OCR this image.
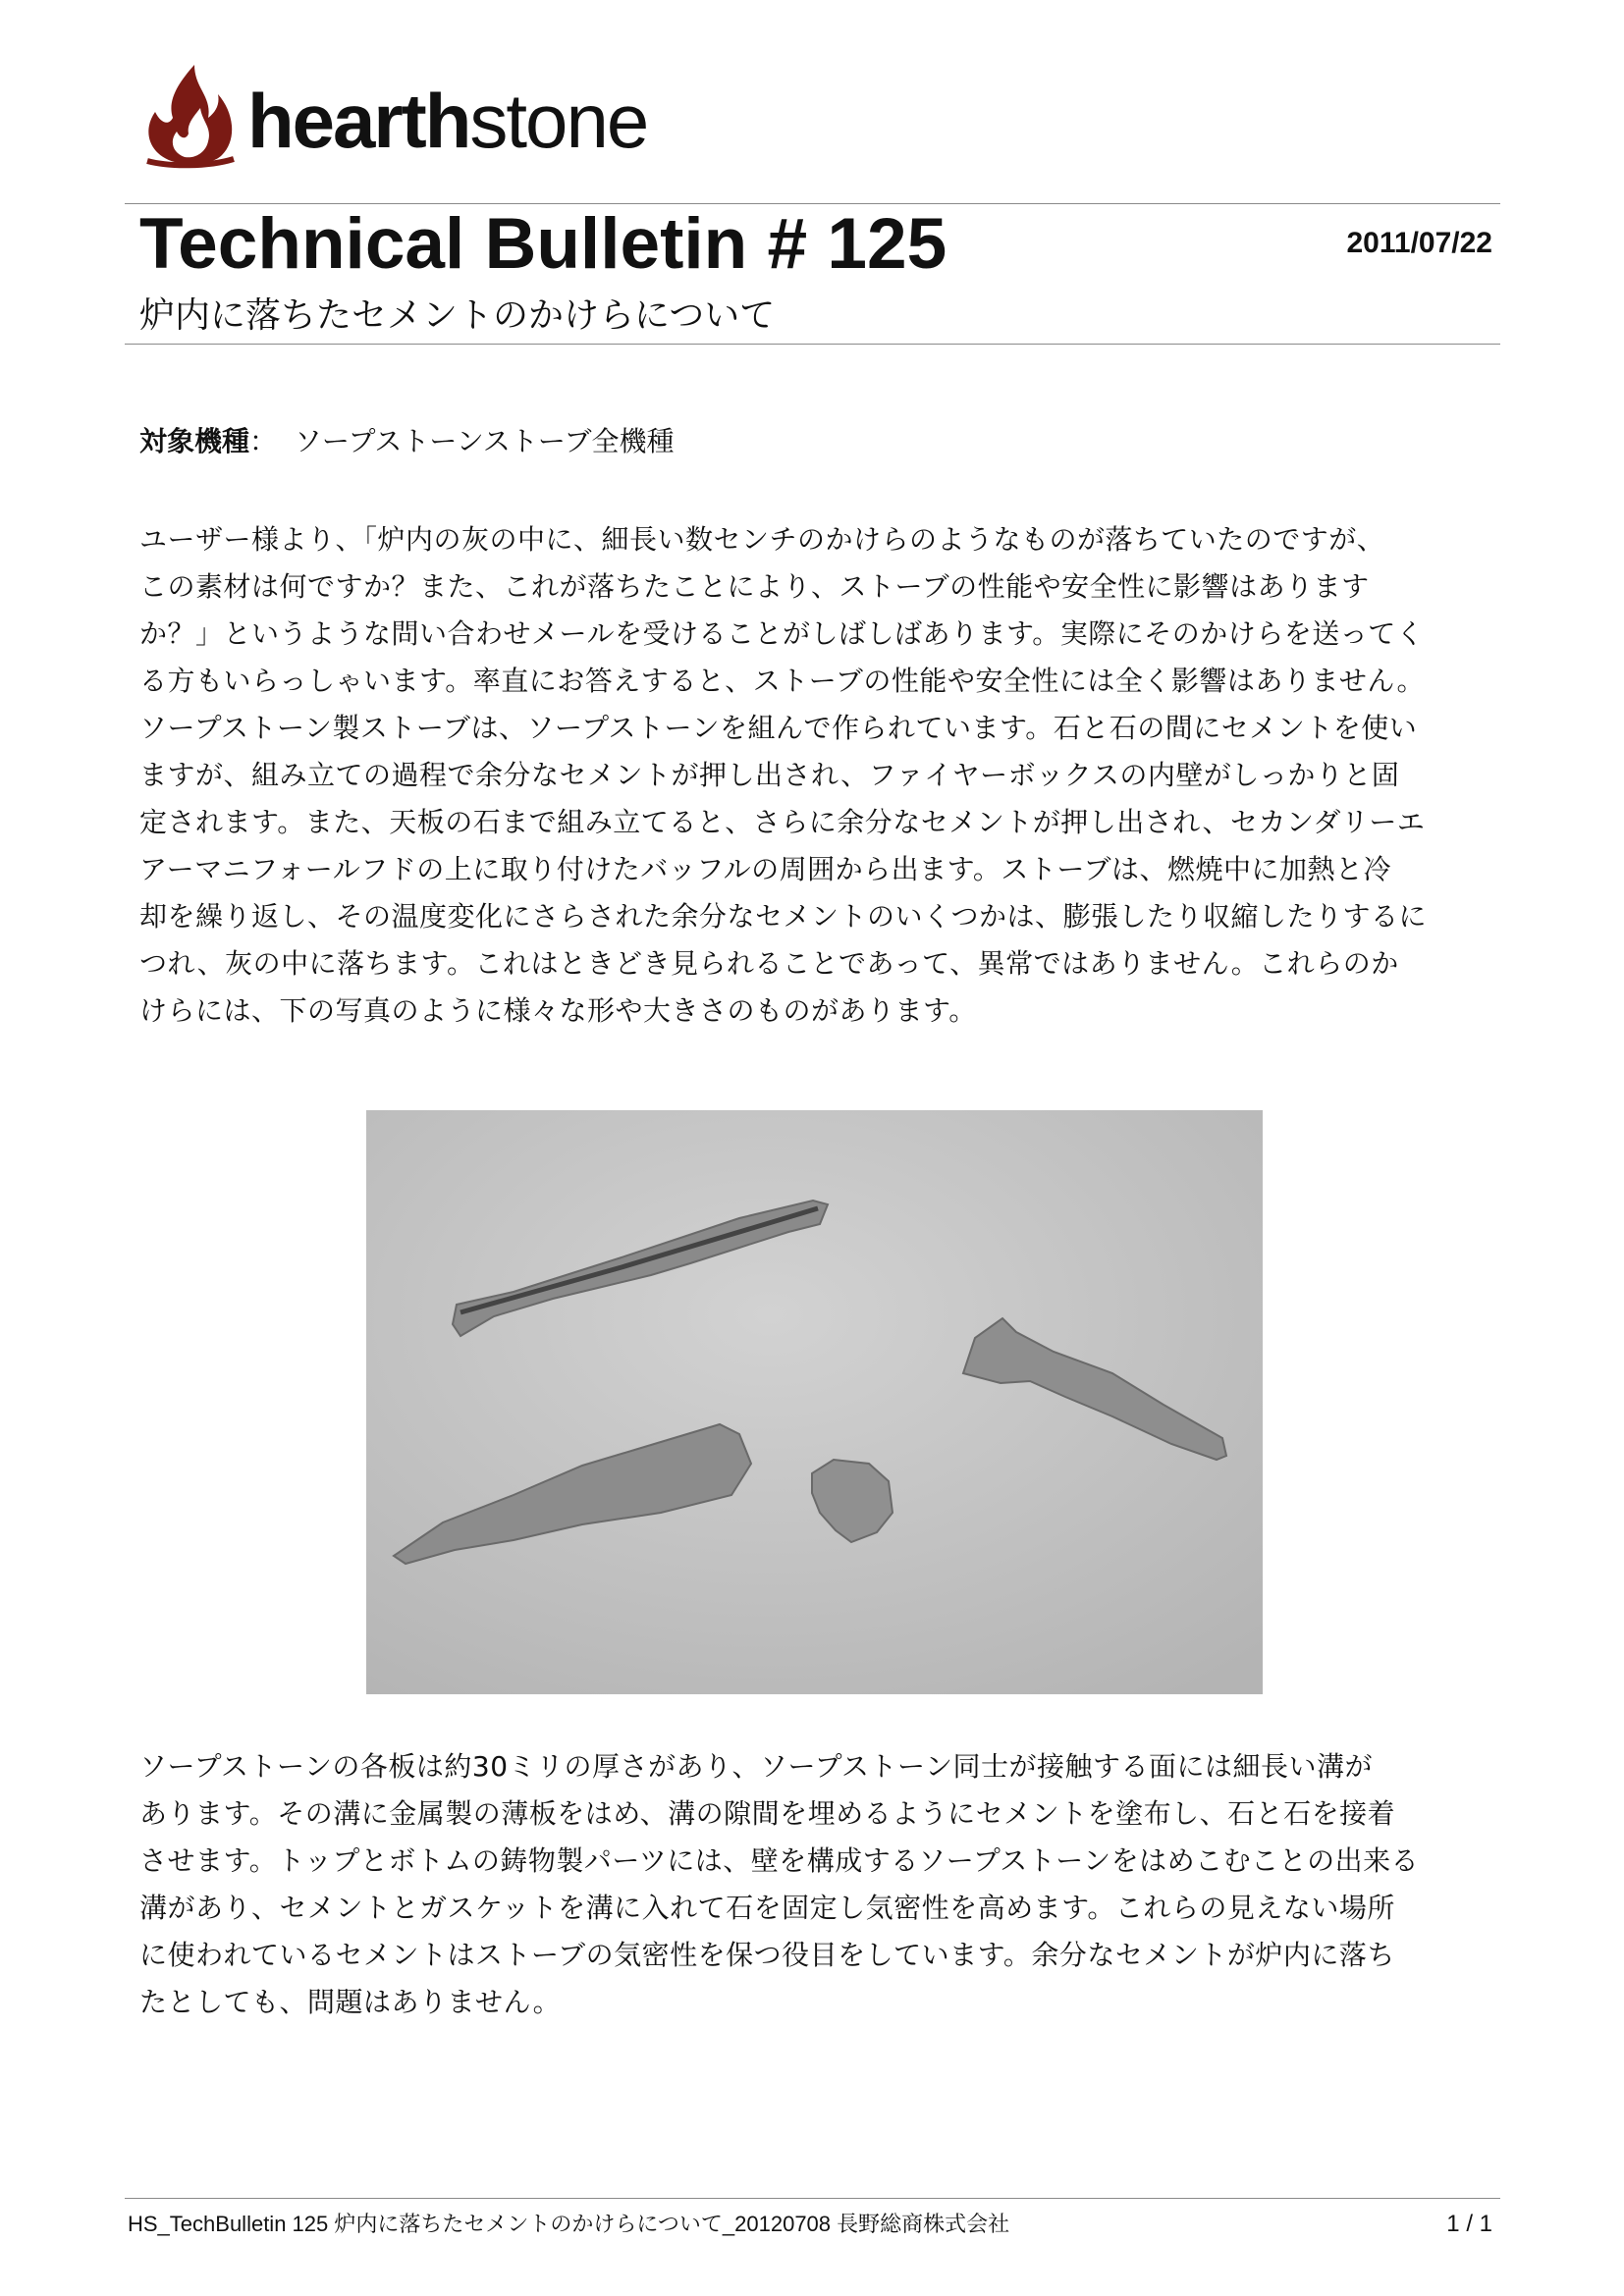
hearthstone
Technical Bulletin # 125	2011/07/22
炉内に落ちたセメントのかけらについて
対象機種： ソープストーンストーブ全機種
ユーザー様より、「炉内の灰の中に、細長い数センチのかけらのようなものが落ちていたのですが、
この素材は何ですか？また、これが落ちたことにより、ストーブの性能や安全性に影響はあります
か？」というような問い合わせメールを受けることがしばしばあります。実際にそのかけらを送ってく
る方もいらっしゃいます。率直にお答えすると、ストーブの性能や安全性には全く影響はありません。
ソープストーン製ストーブは、ソープストーンを組んで作られています。石と石の間にセメントを使い
ますが、組み立ての過程で余分なセメントが押し出され、ファイヤーボックスの内壁がしっかりと固
定されます。また、天板の石まで組み立てると、さらに余分なセメントが押し出され、セカンダリーエ
アーマニフォールフドの上に取り付けたバッフルの周囲から出ます。ストーブは、燃焼中に加熱と冷
却を繰り返し、その温度変化にさらされた余分なセメントのいくつかは、膨張したり収縮したりするに
つれ、灰の中に落ちます。これはときどき見られることであって、異常ではありません。これらのか
けらには、下の写真のように様々な形や大きさのものがあります。
ソープストーンの各板は約30ミリの厚さがあり、ソープストーン同士が接触する面には細長い溝が
あります。その溝に金属製の薄板をはめ、溝の隙間を埋めるようにセメントを塗布し、石と石を接着
させます。トップとボトムの鋳物製パーツには、壁を構成するソープストーンをはめこむことの出来る
溝があり、セメントとガスケットを溝に入れて石を固定し気密性を高めます。これらの見えない場所
に使われているセメントはストーブの気密性を保つ役目をしています。余分なセメントが炉内に落ち
たとしても、問題はありません。
HS_TechBulletin 125 炉内に落ちたセメントのかけらについて_20120708 長野総商株式会社	1 / 1
